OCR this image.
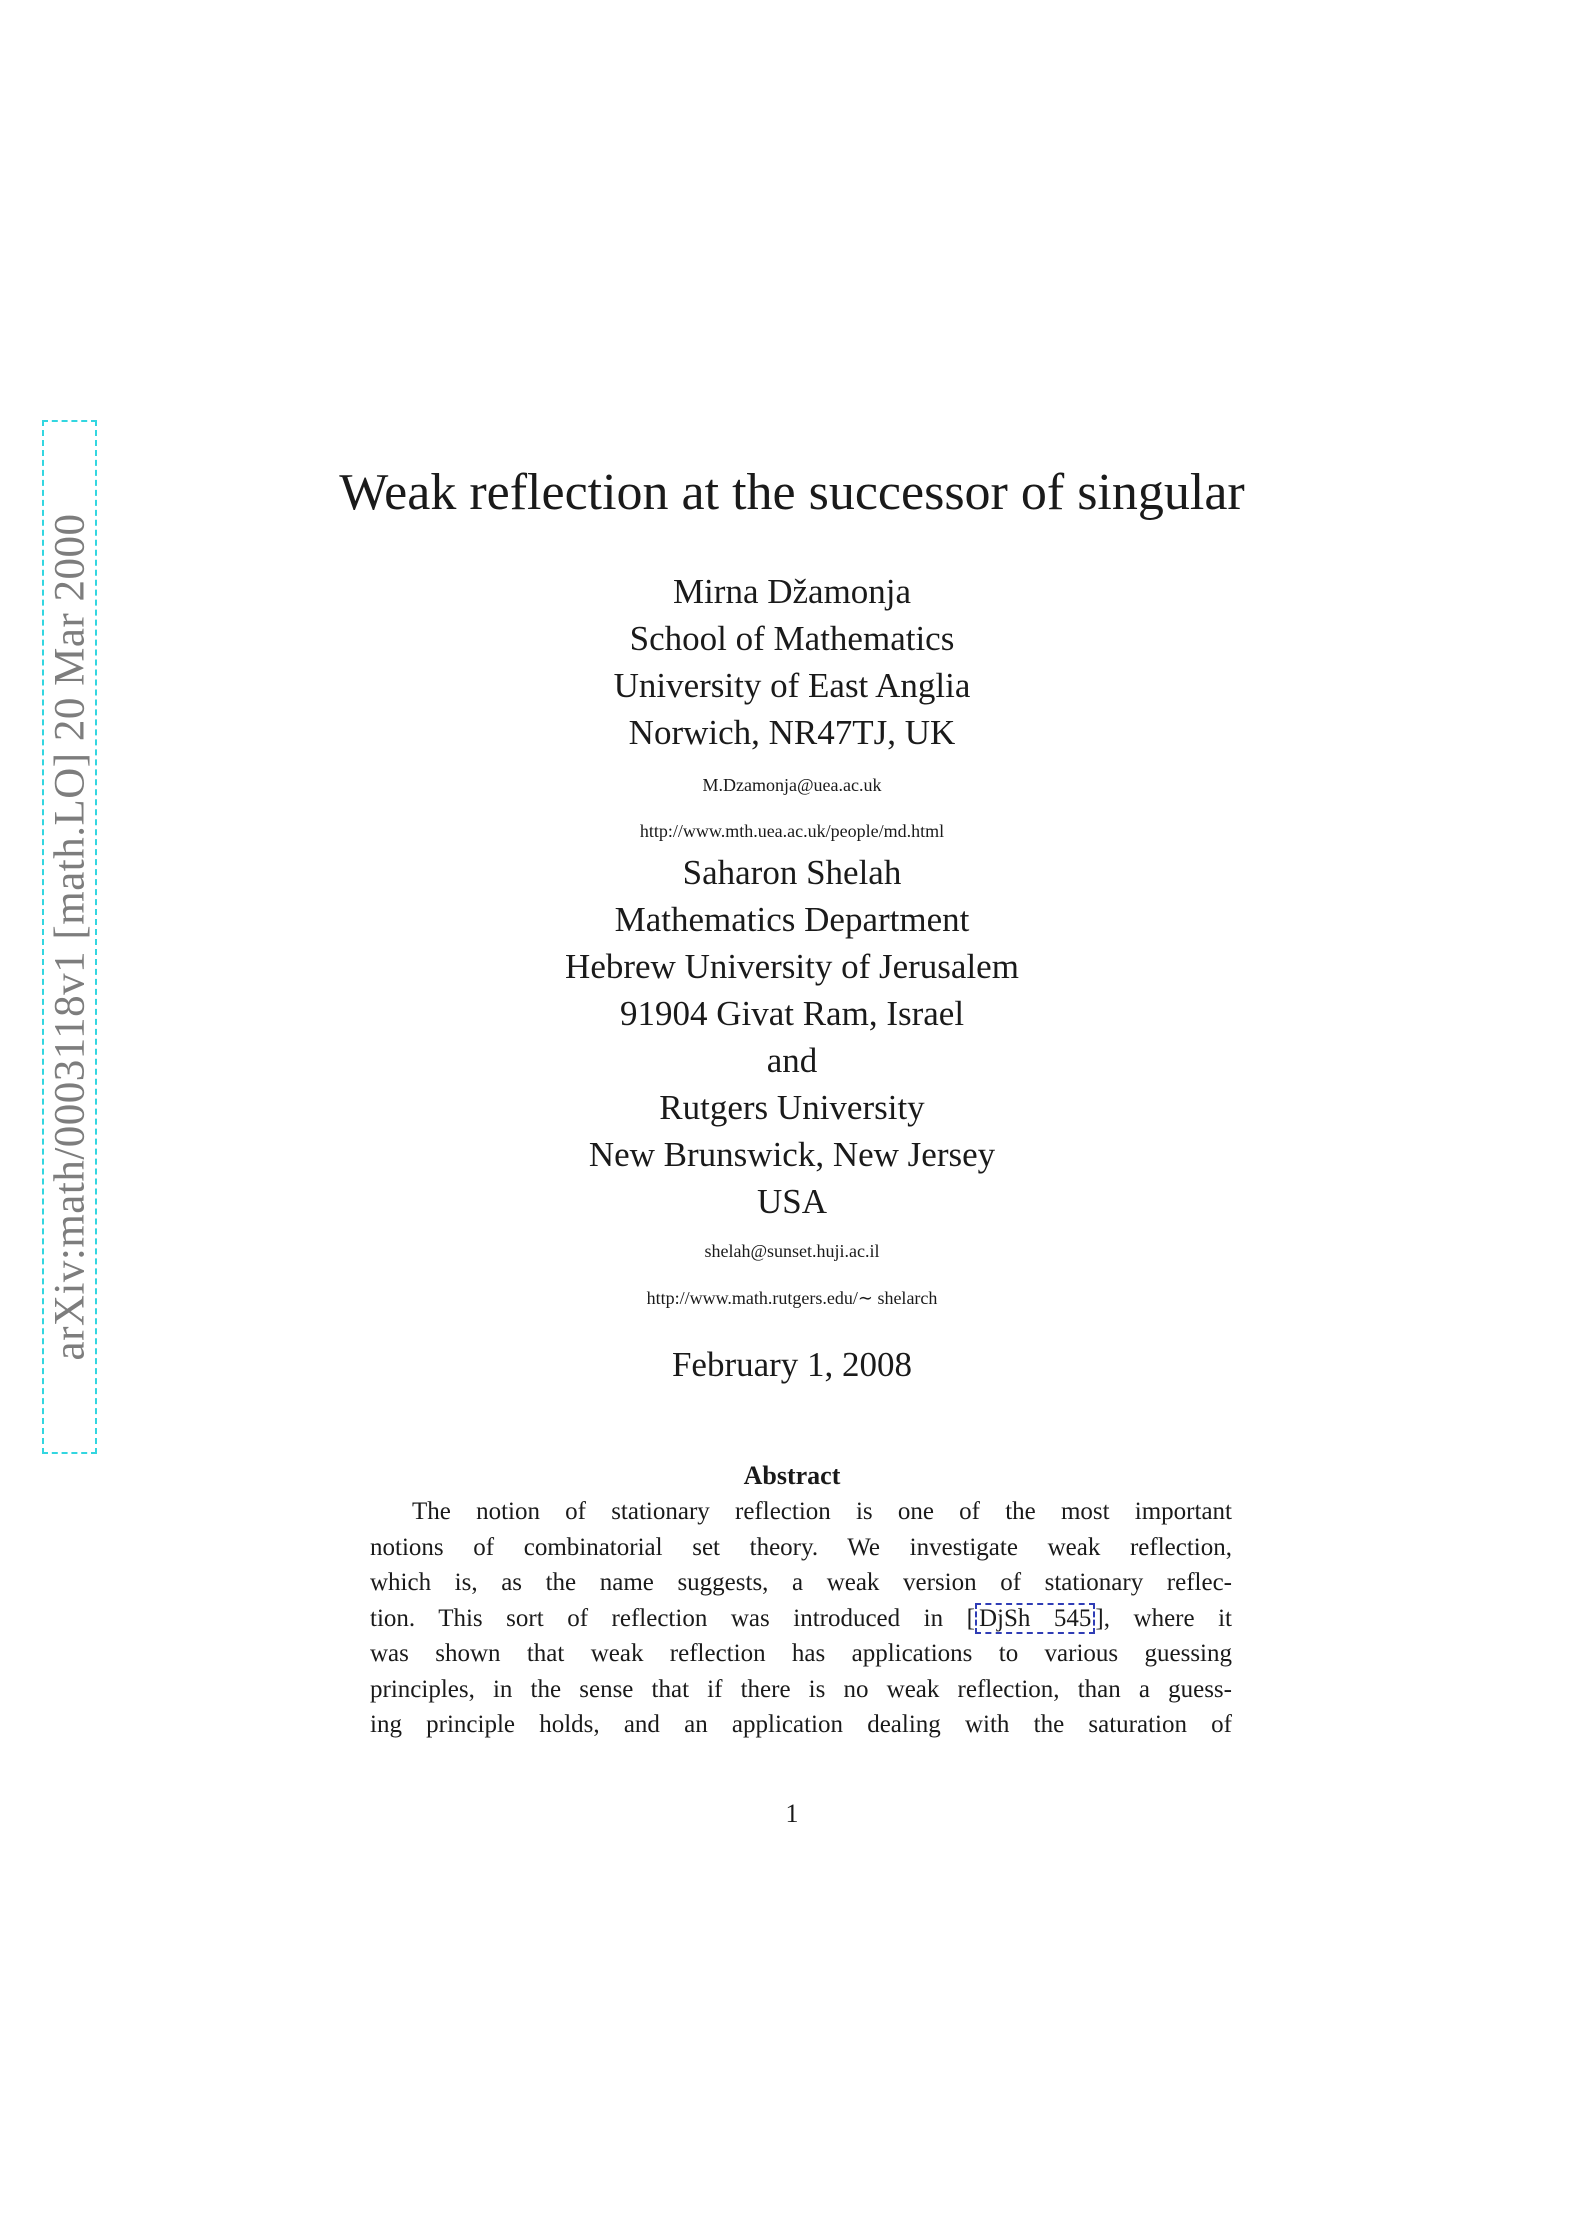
arXiv:math/0003118v1 [math.LO] 20 Mar 2000
Weak reflection at the successor of singular
Mirna Džamonja
School of Mathematics
University of East Anglia
Norwich, NR47TJ, UK
M.Dzamonja@uea.ac.uk
http://www.mth.uea.ac.uk/people/md.html
Saharon Shelah
Mathematics Department
Hebrew University of Jerusalem
91904 Givat Ram, Israel
and
Rutgers University
New Brunswick, New Jersey
USA
shelah@sunset.huji.ac.il
http://www.math.rutgers.edu/∼ shelarch
February 1, 2008
Abstract
The notion of stationary reflection is one of the most important
notions of combinatorial set theory. We investigate weak reflection,
which is, as the name suggests, a weak version of stationary reflec-
tion. This sort of reflection was introduced in [ DjSh 545 ], where it
was shown that weak reflection has applications to various guessing
principles, in the sense that if there is no weak reflection, than a guess-
ing principle holds, and an application dealing with the saturation of
1
